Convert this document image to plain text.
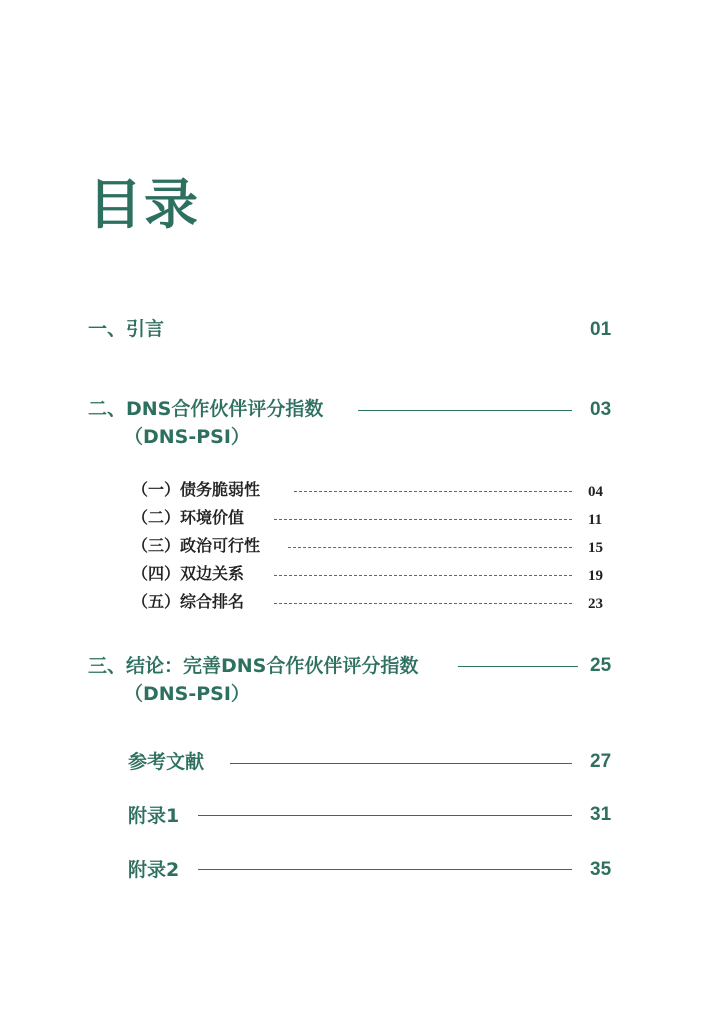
目录
一、引言	01
二、DNS合作伙伴评分指数	03
（DNS-PSI）
（一）债务脆弱性	04
（二）环境价值	11
（三）政治可行性	15
（四）双边关系	19
（五）综合排名	23
三、结论：完善DNS合作伙伴评分指数	25
（DNS-PSI）
参考文献	27
附录1	31
附录2	35
